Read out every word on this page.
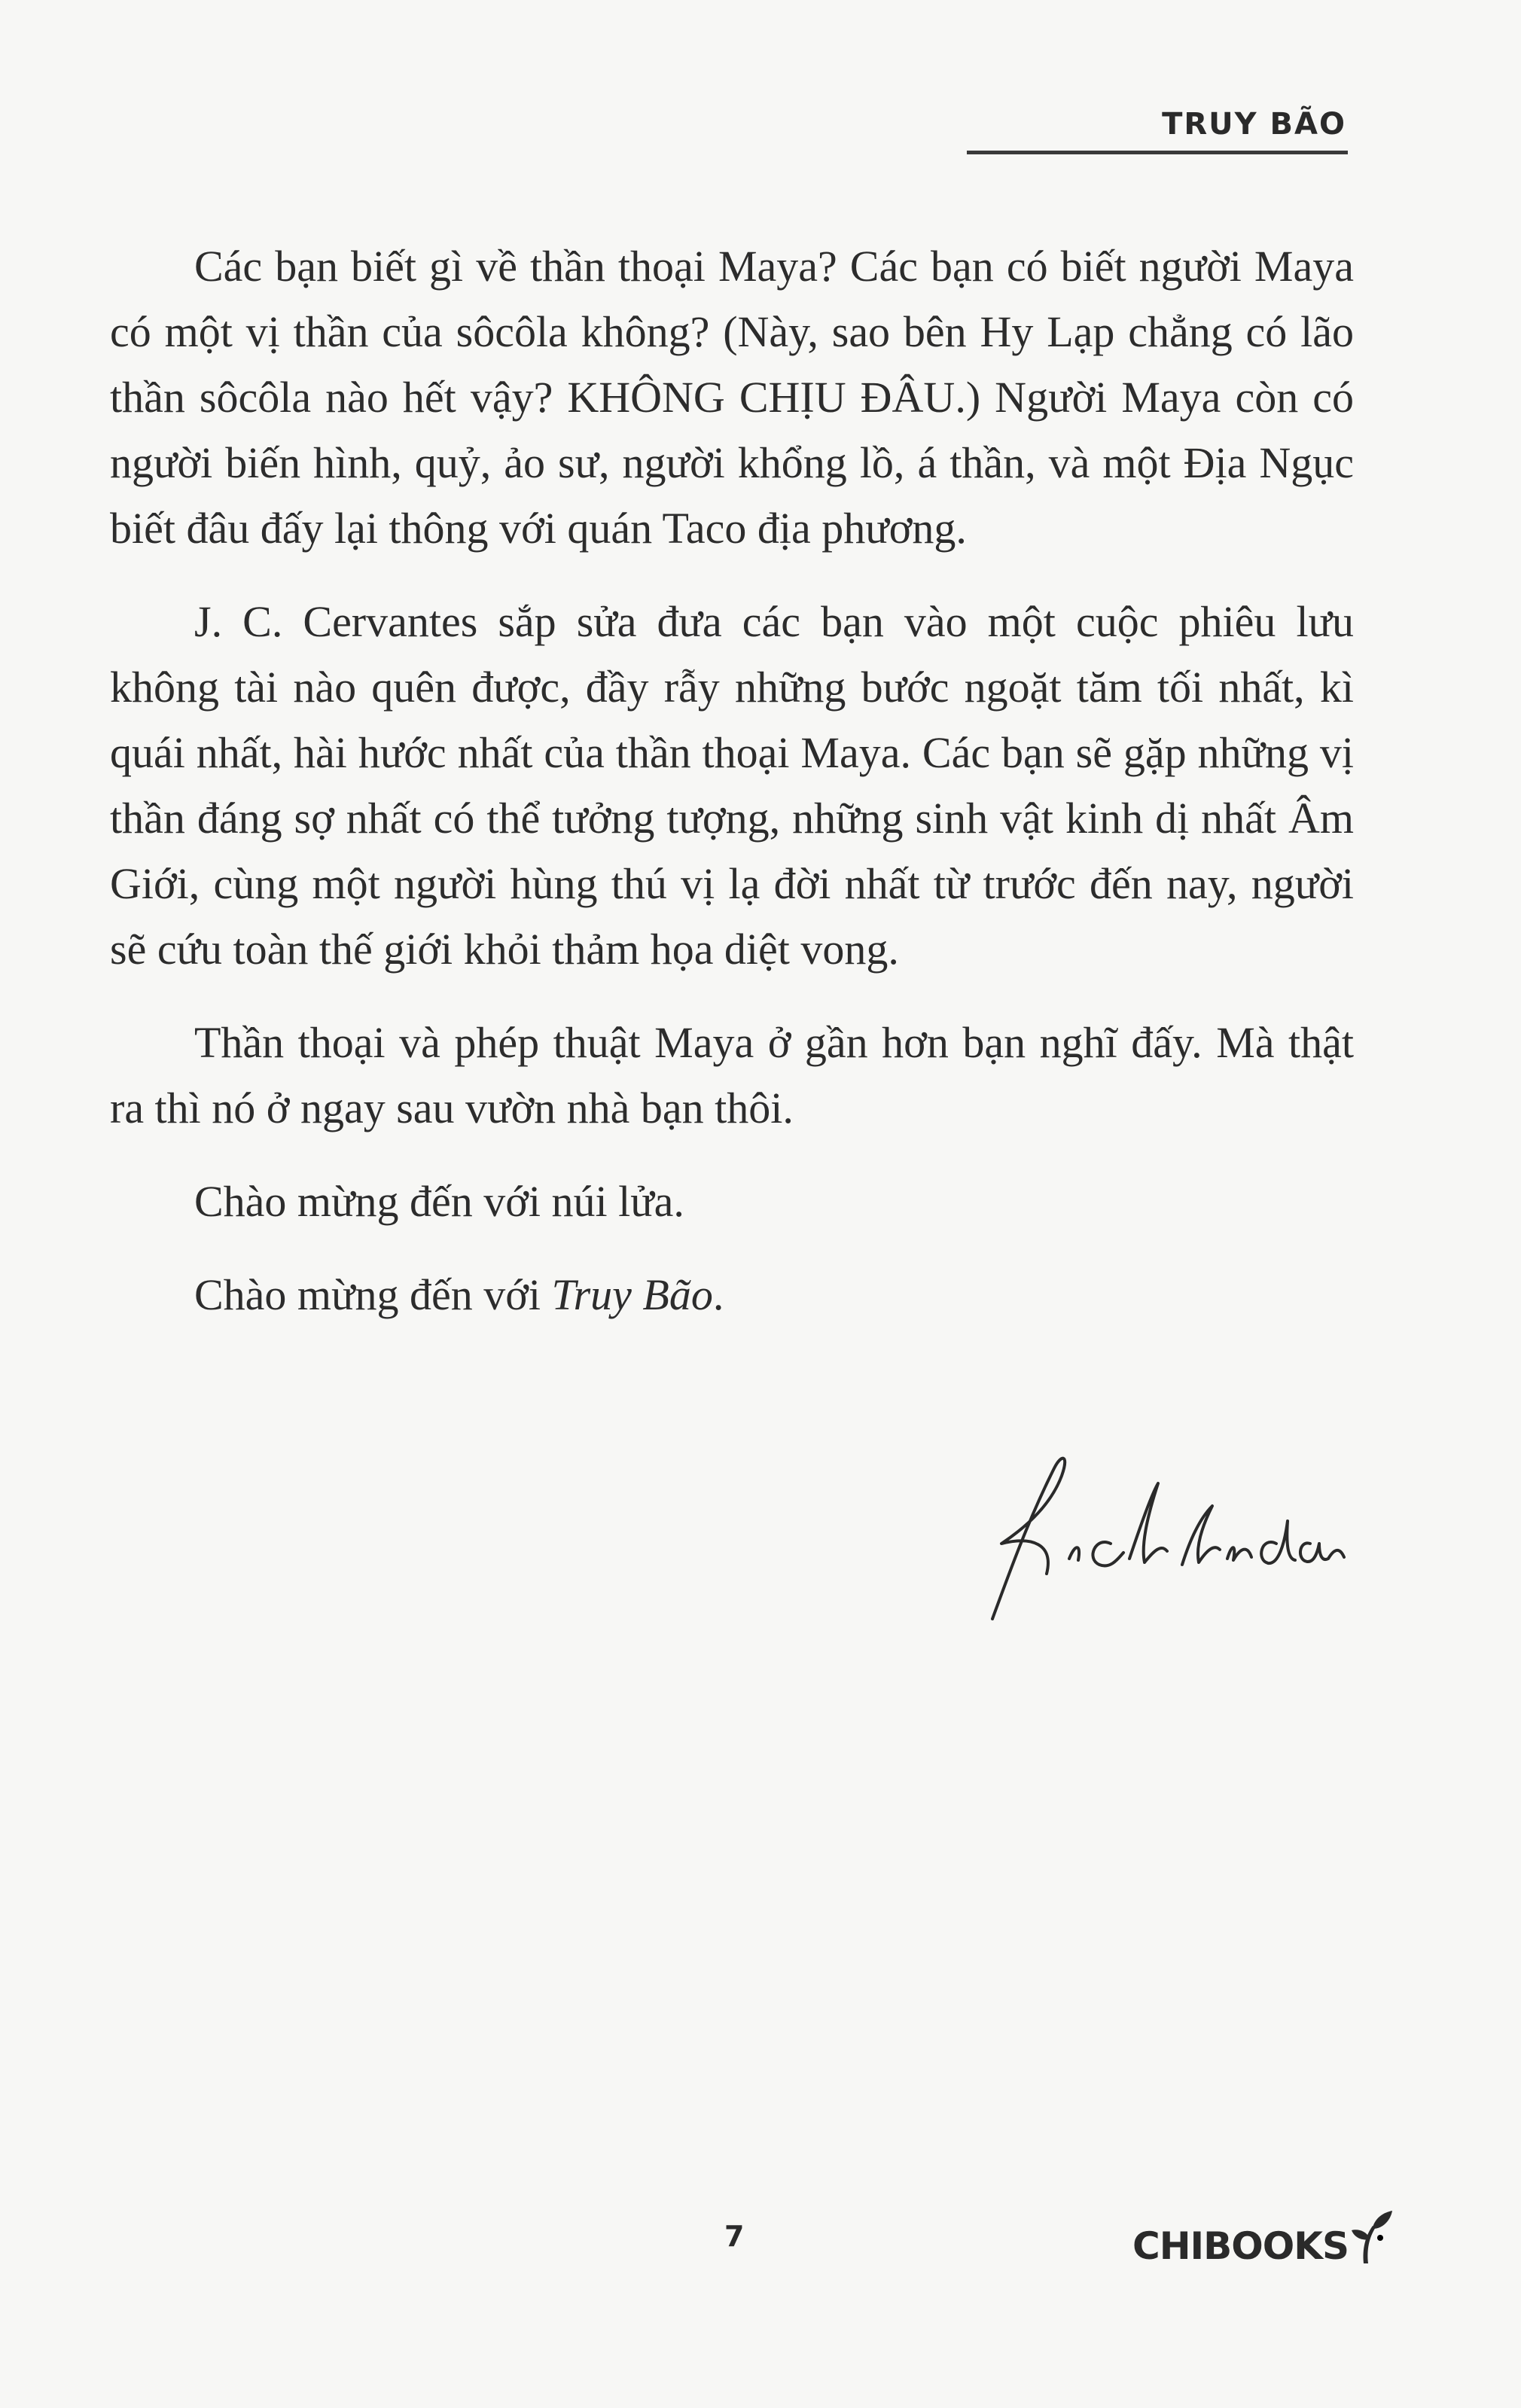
TRUY BÃO

Các bạn biết gì về thần thoại Maya? Các bạn có biết người Maya có một vị thần của sôcôla không? (Này, sao bên Hy Lạp chẳng có lão thần sôcôla nào hết vậy? KHÔNG CHỊU ĐÂU.) Người Maya còn có người biến hình, quỷ, ảo sư, người khổng lồ, á thần, và một Địa Ngục biết đâu đấy lại thông với quán Taco địa phương.

J. C. Cervantes sắp sửa đưa các bạn vào một cuộc phiêu lưu không tài nào quên được, đầy rẫy những bước ngoặt tăm tối nhất, kì quái nhất, hài hước nhất của thần thoại Maya. Các bạn sẽ gặp những vị thần đáng sợ nhất có thể tưởng tượng, những sinh vật kinh dị nhất Âm Giới, cùng một người hùng thú vị lạ đời nhất từ trước đến nay, người sẽ cứu toàn thế giới khỏi thảm họa diệt vong.

Thần thoại và phép thuật Maya ở gần hơn bạn nghĩ đấy. Mà thật ra thì nó ở ngay sau vườn nhà bạn thôi.

Chào mừng đến với núi lửa.

Chào mừng đến với Truy Bão.

7	CHIBOOKS
